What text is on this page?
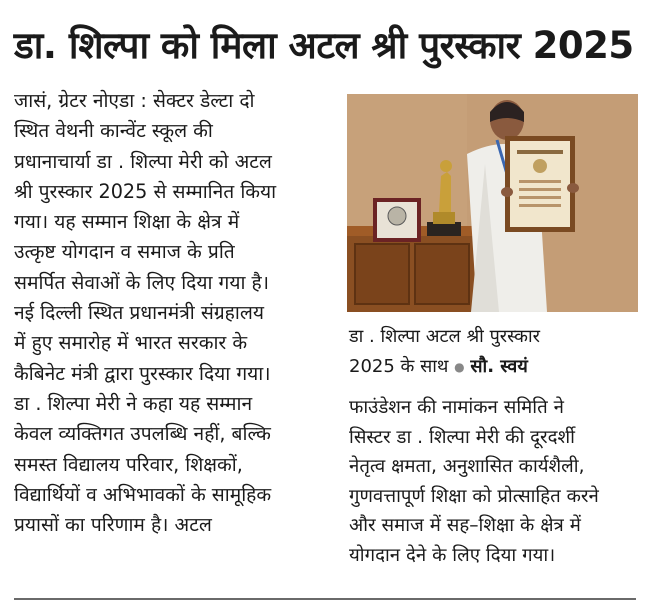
डा. शिल्पा को मिला अटल श्री पुरस्कार 2025
जासं, ग्रेटर नोएडा : सेक्टर डेल्टा दो
स्थित वेथनी कान्वेंट स्कूल की
प्रधानाचार्या डा . शिल्पा मेरी को अटल
श्री पुरस्कार 2025 से सम्मानित किया
गया। यह सम्मान शिक्षा के क्षेत्र में
उत्कृष्ट योगदान व समाज के प्रति
समर्पित सेवाओं के लिए दिया गया है।
नई दिल्ली स्थित प्रधानमंत्री संग्रहालय
में हुए समारोह में भारत सरकार के
कैबिनेट मंत्री द्वारा पुरस्कार दिया गया।
डा . शिल्पा मेरी ने कहा यह सम्मान
केवल व्यक्तिगत उपलब्धि नहीं, बल्कि
समस्त विद्यालय परिवार, शिक्षकों,
विद्यार्थियों व अभिभावकों के सामूहिक
प्रयासों का परिणाम है। अटल
डा . शिल्पा अटल श्री पुरस्कार
2025 के साथ ● सौ. स्वयं
फाउंडेशन की नामांकन समिति ने
सिस्टर डा . शिल्पा मेरी की दूरदर्शी
नेतृत्व क्षमता, अनुशासित कार्यशैली,
गुणवत्तापूर्ण शिक्षा को प्रोत्साहित करने
और समाज में सह–शिक्षा के क्षेत्र में
योगदान देने के लिए दिया गया।
